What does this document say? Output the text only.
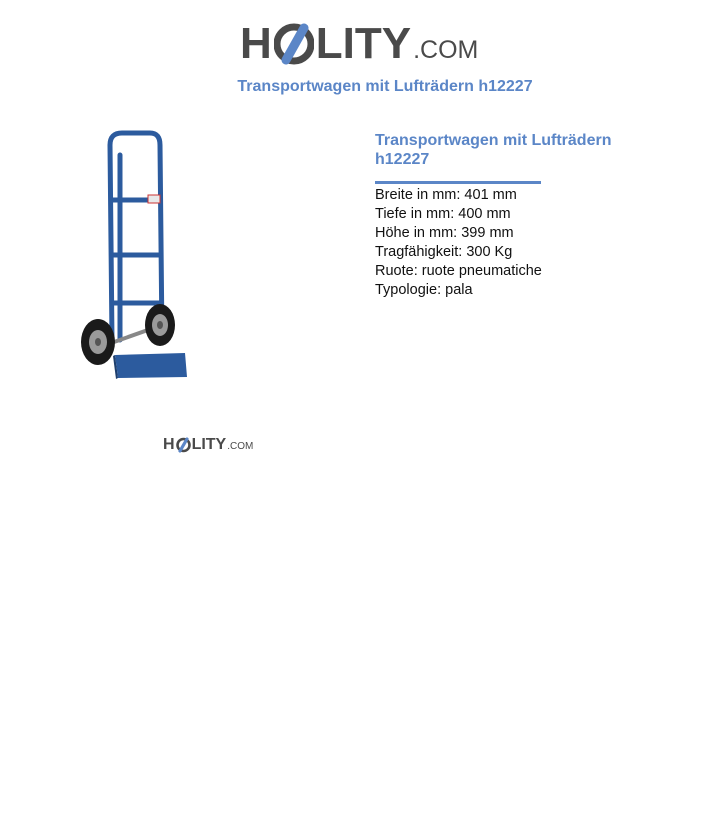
H LITY .COM
Transportwagen mit Lufträdern h12227
H LITY .COM
Transportwagen mit Lufträdern h12227
Breite in mm: 401 mm
Tiefe in mm: 400 mm
Höhe in mm: 399 mm
Tragfähigkeit: 300 Kg
Ruote: ruote pneumatiche
Typologie: pala
